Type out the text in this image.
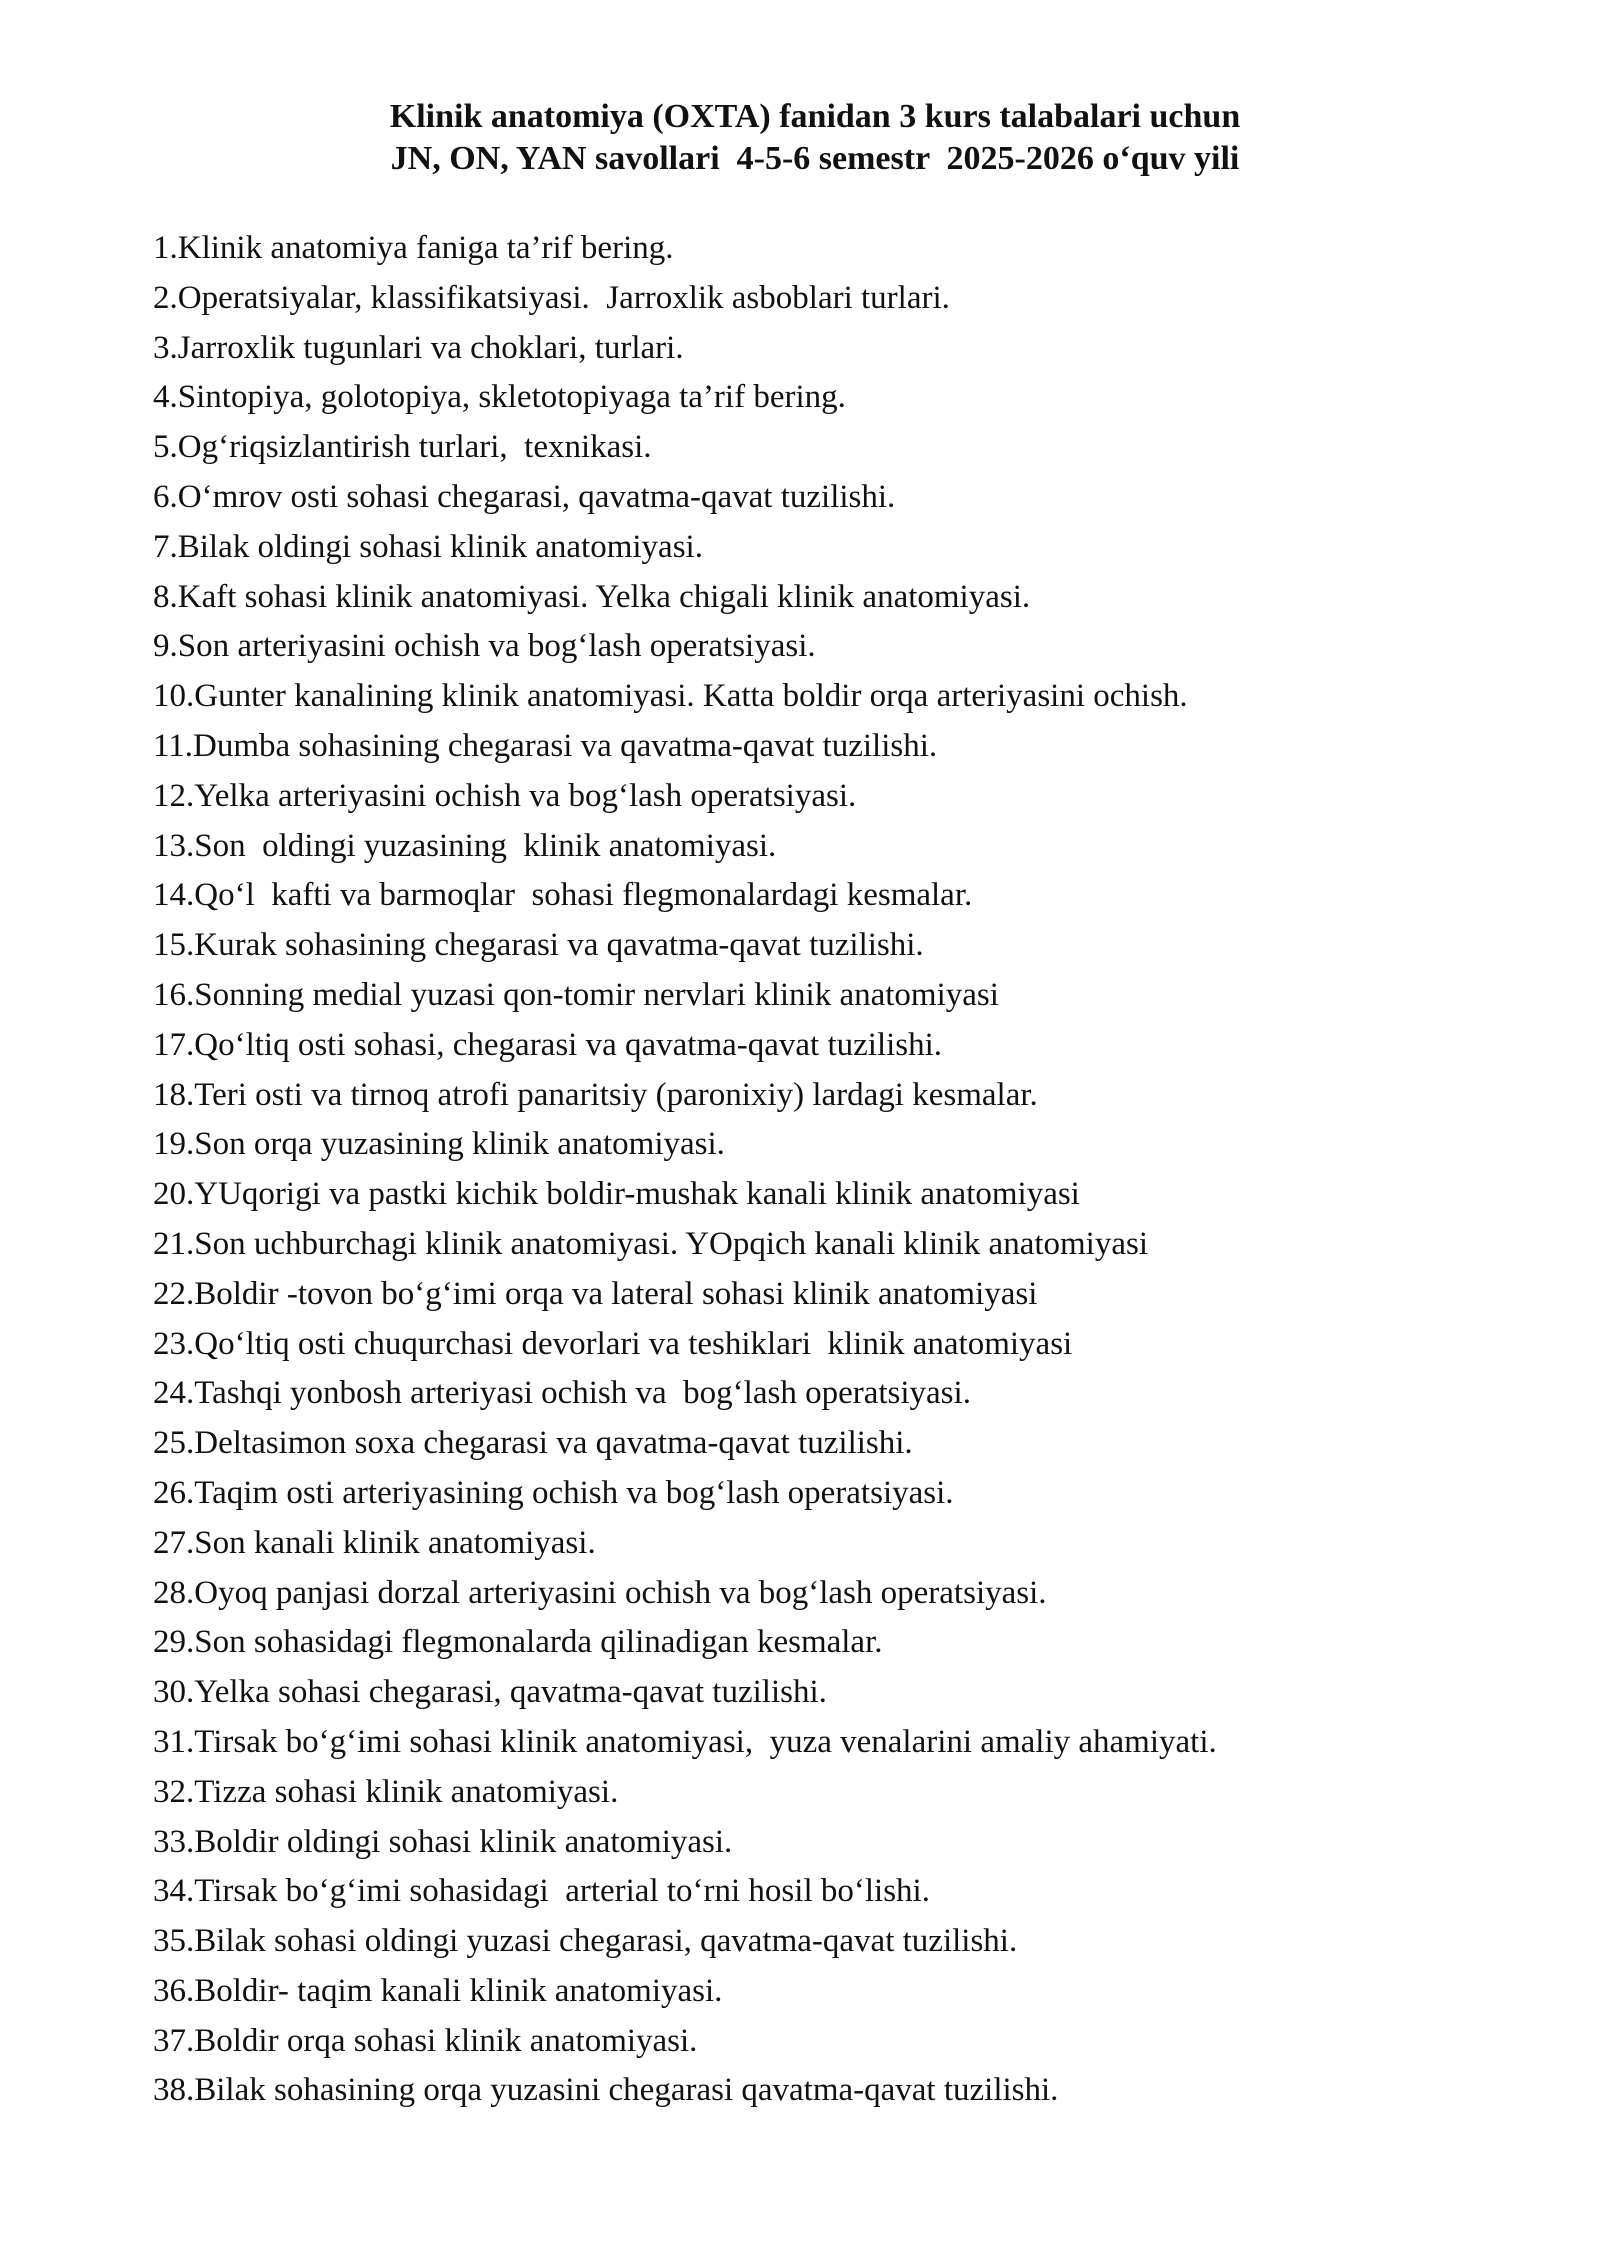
Klinik anatomiya (OXTA) fanidan 3 kurs talabalari uchun
JN, ON, YAN savollari  4-5-6 semestr  2025-2026 o‘quv yili
1.Klinik anatomiya faniga ta’rif bering.
2.Operatsiyalar, klassifikatsiyasi.  Jarroxlik asboblari turlari.
3.Jarroxlik tugunlari va choklari, turlari.
4.Sintopiya, golotopiya, skletotopiyaga ta’rif bering.
5.Og‘riqsizlantirish turlari,  texnikasi.
6.O‘mrov osti sohasi chegarasi, qavatma-qavat tuzilishi.
7.Bilak oldingi sohasi klinik anatomiyasi.
8.Kaft sohasi klinik anatomiyasi. Yelka chigali klinik anatomiyasi.
9.Son arteriyasini ochish va bog‘lash operatsiyasi.
10.Gunter kanalining klinik anatomiyasi. Katta boldir orqa arteriyasini ochish.
11.Dumba sohasining chegarasi va qavatma-qavat tuzilishi.
12.Yelka arteriyasini ochish va bog‘lash operatsiyasi.
13.Son  oldingi yuzasining  klinik anatomiyasi.
14.Qo‘l  kafti va barmoqlar  sohasi flegmonalardagi kesmalar.
15.Kurak sohasining chegarasi va qavatma-qavat tuzilishi.
16.Sonning medial yuzasi qon-tomir nervlari klinik anatomiyasi
17.Qo‘ltiq osti sohasi, chegarasi va qavatma-qavat tuzilishi.
18.Teri osti va tirnoq atrofi panaritsiy (paronixiy) lardagi kesmalar.
19.Son orqa yuzasining klinik anatomiyasi.
20.YUqorigi va pastki kichik boldir-mushak kanali klinik anatomiyasi
21.Son uchburchagi klinik anatomiyasi. YOpqich kanali klinik anatomiyasi
22.Boldir -tovon bo‘g‘imi orqa va lateral sohasi klinik anatomiyasi
23.Qo‘ltiq osti chuqurchasi devorlari va teshiklari  klinik anatomiyasi
24.Tashqi yonbosh arteriyasi ochish va  bog‘lash operatsiyasi.
25.Deltasimon soxa chegarasi va qavatma-qavat tuzilishi.
26.Taqim osti arteriyasining ochish va bog‘lash operatsiyasi.
27.Son kanali klinik anatomiyasi.
28.Oyoq panjasi dorzal arteriyasini ochish va bog‘lash operatsiyasi.
29.Son sohasidagi flegmonalarda qilinadigan kesmalar.
30.Yelka sohasi chegarasi, qavatma-qavat tuzilishi.
31.Tirsak bo‘g‘imi sohasi klinik anatomiyasi,  yuza venalarini amaliy ahamiyati.
32.Tizza sohasi klinik anatomiyasi.
33.Boldir oldingi sohasi klinik anatomiyasi.
34.Tirsak bo‘g‘imi sohasidagi  arterial to‘rni hosil bo‘lishi.
35.Bilak sohasi oldingi yuzasi chegarasi, qavatma-qavat tuzilishi.
36.Boldir- taqim kanali klinik anatomiyasi.
37.Boldir orqa sohasi klinik anatomiyasi.
38.Bilak sohasining orqa yuzasini chegarasi qavatma-qavat tuzilishi.
